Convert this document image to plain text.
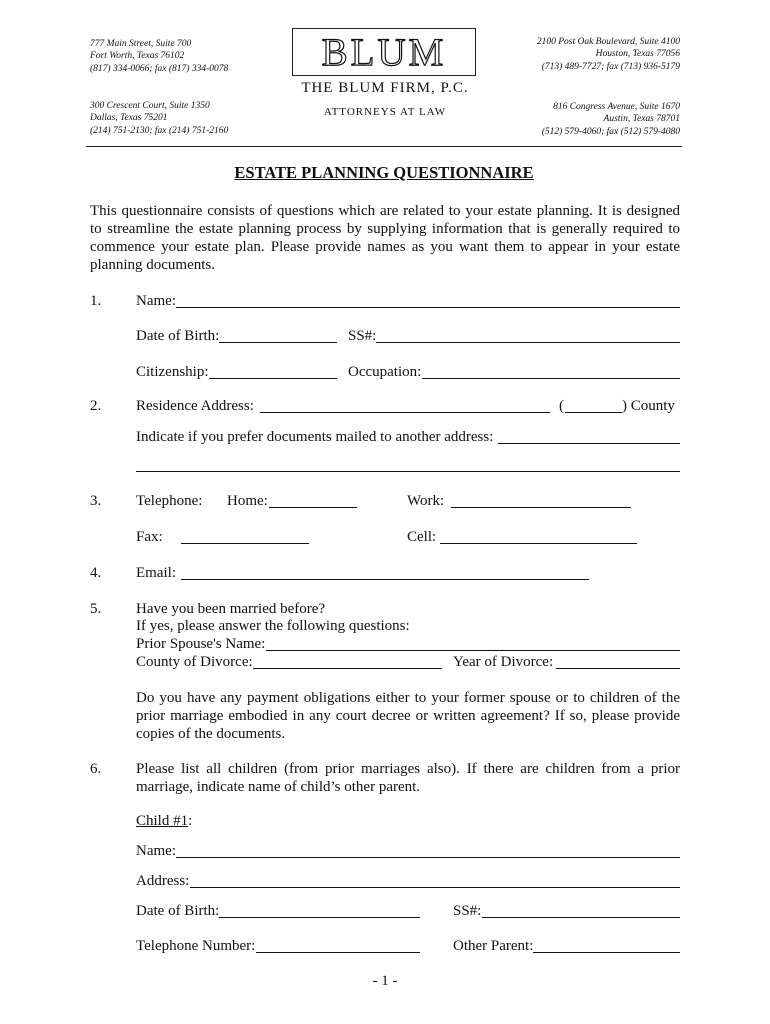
777 Main Street, Suite 700
Fort Worth, Texas 76102
(817) 334-0066; fax (817) 334-0078
300 Crescent Court, Suite 1350
Dallas, Texas 75201
(214) 751-2130; fax (214) 751-2160
2100 Post Oak Boulevard, Suite 4100
Houston, Texas 77056
(713) 489-7727; fax (713) 936-5179
816 Congress Avenue, Suite 1670
Austin, Texas 78701
(512) 579-4060; fax (512) 579-4080
BLUM
THE BLUM FIRM, P.C.
ATTORNEYS AT LAW
ESTATE PLANNING QUESTIONNAIRE
This questionnaire consists of questions which are related to your estate planning. It is designed
to streamline the estate planning process by supplying information that is generally required to
commence your estate plan. Please provide names as you want them to appear in your estate
planning documents.
1. Name:
Date of Birth:	SS#:
Citizenship:	Occupation:
2. Residence Address:	(	) County
Indicate if you prefer documents mailed to another address:
3. Telephone: Home:	Work:
Fax:	Cell:
4. Email:
5. Have you been married before?
If yes, please answer the following questions:
Prior Spouse's Name:
County of Divorce:	Year of Divorce:
Do you have any payment obligations either to your former spouse or to children of the
prior marriage embodied in any court decree or written agreement? If so, please provide
copies of the documents.
6. Please list all children (from prior marriages also). If there are children from a prior
marriage, indicate name of child’s other parent.
Child #1:
Name:
Address:
Date of Birth:	SS#:
Telephone Number:	Other Parent:
- 1 -
